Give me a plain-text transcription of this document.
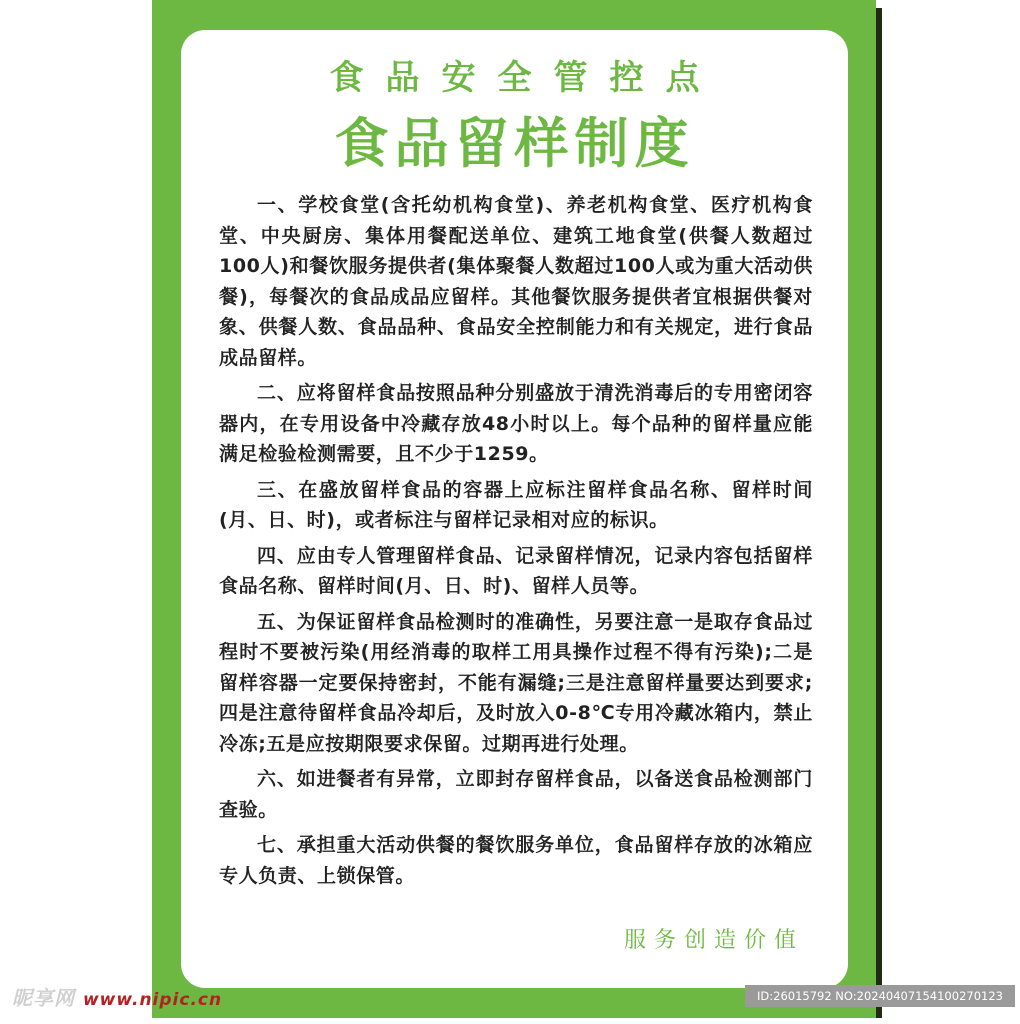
食品安全管控点
食品留样制度

一、学校食堂(含托幼机构食堂)、养老机构食堂、医疗机构食堂、中央厨房、集体用餐配送单位、建筑工地食堂(供餐人数超过100人)和餐饮服务提供者(集体聚餐人数超过100人或为重大活动供餐)，每餐次的食品成品应留样。其他餐饮服务提供者宜根据供餐对象、供餐人数、食品品种、食品安全控制能力和有关规定，进行食品成品留样。

二、应将留样食品按照品种分别盛放于清洗消毒后的专用密闭容器内，在专用设备中冷藏存放48小时以上。每个品种的留样量应能满足检验检测需要，且不少于1259。

三、在盛放留样食品的容器上应标注留样食品名称、留样时间(月、日、时)，或者标注与留样记录相对应的标识。

四、应由专人管理留样食品、记录留样情况，记录内容包括留样食品名称、留样时间(月、日、时)、留样人员等。

五、为保证留样食品检测时的准确性，另要注意一是取存食品过程时不要被污染(用经消毒的取样工用具操作过程不得有污染);二是留样容器一定要保持密封，不能有漏缝;三是注意留样量要达到要求;四是注意待留样食品冷却后，及时放入0-8℃专用冷藏冰箱内，禁止冷冻;五是应按期限要求保留。过期再进行处理。

六、如进餐者有异常，立即封存留样食品，以备送食品检测部门查验。

七、承担重大活动供餐的餐饮服务单位，食品留样存放的冰箱应专人负责、上锁保管。

服务创造价值
昵享网 www.nipic.cn	ID:26015792 NO:20240407154100270123
